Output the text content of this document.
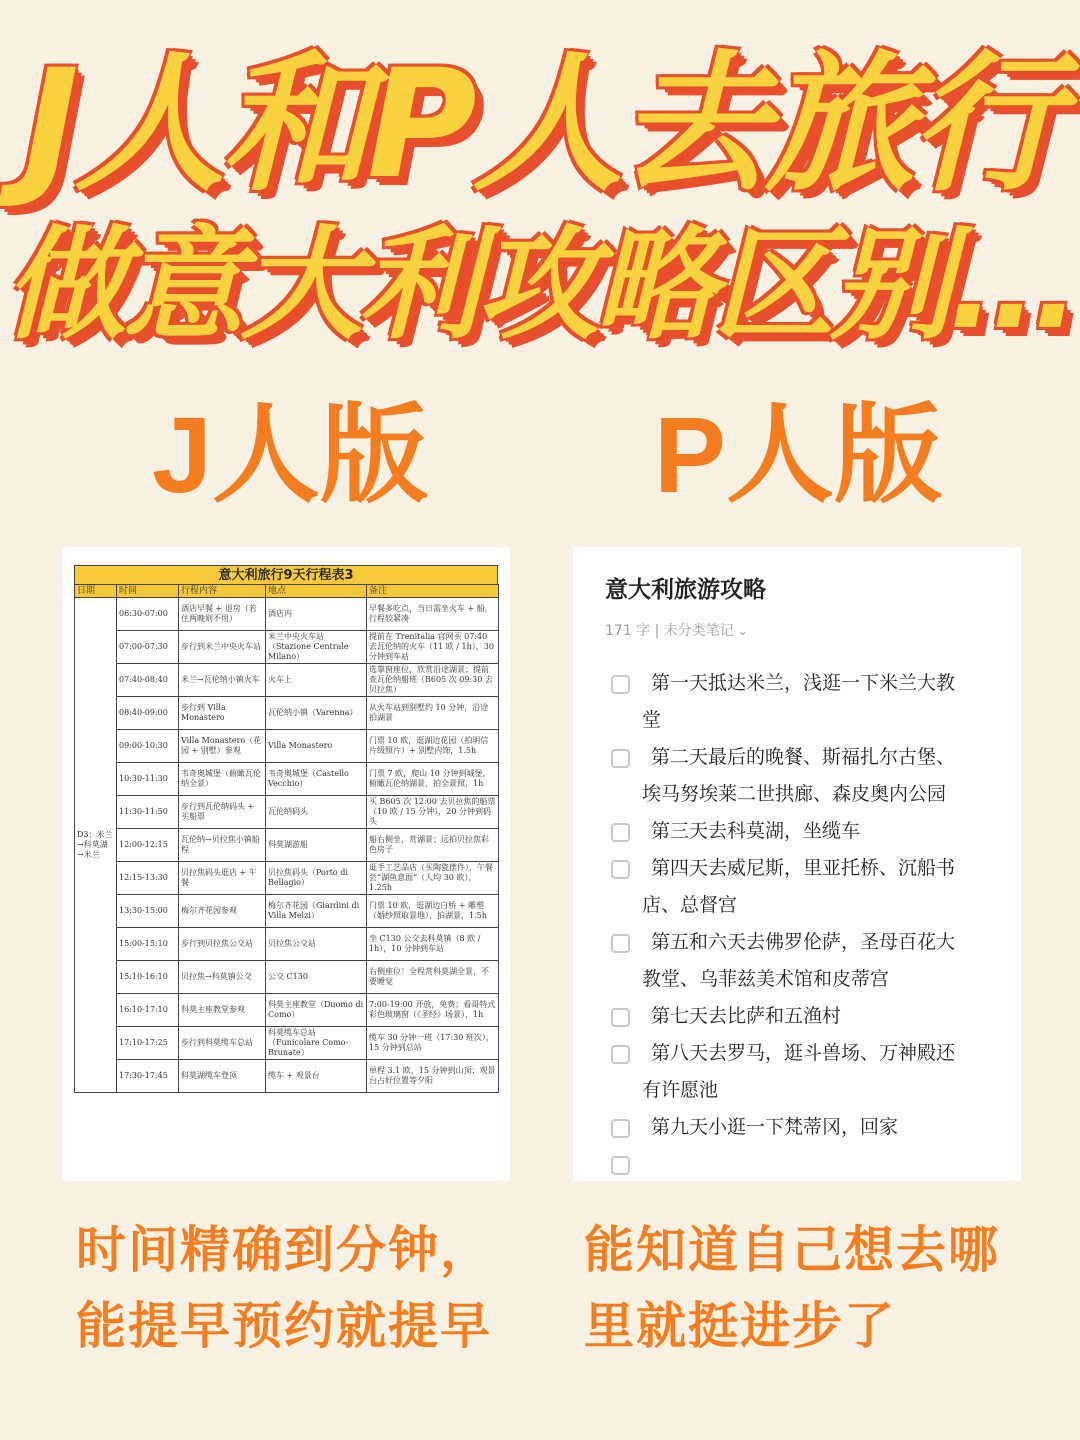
J人和P人去旅行
做意大利攻略区别...
J人版	P人版
意大利旅行9天行程表3
日期	时间	行程内容	地点	备注
D3：米兰→科莫湖→米兰	06:30-07:00	酒店早餐 + 退房（若住两晚则不用）	酒店内	早餐多吃点，当日需坐火车 + 船，行程较紧凑
	07:00-07:30	步行到米兰中央火车站	米兰中央火车站（Stazione Centrale Milano）	提前在 Trenitalia 官网买 07:40 去瓦伦纳的火车（11 欧 / 1h），30 分钟到车站
	07:40-08:40	米兰→瓦伦纳小镇火车	火车上	选靠窗座位，欣赏沿途湖景；提前查瓦伦纳船班（B605 次 09:30 去贝拉焦）
	08:40-09:00	步行到 Villa Monastero	瓦伦纳小镇（Varenna）	从火车站到别墅约 10 分钟，沿途拍湖景
	09:00-10:30	Villa Monastero（花园 + 别墅）参观	Villa Monastero	门票 10 欧，逛湖边花园（拍明信片级照片）+ 别墅内饰，1.5h
	10:30-11:30	韦奇奥城堡（俯瞰瓦伦纳全景）	韦奇奥城堡（Castello Vecchio）	门票 7 欧，爬山 10 分钟到城堡，俯瞰瓦伦纳湖景，拍全景照，1h
	11:30-11:50	步行到瓦伦纳码头 + 买船票	瓦伦纳码头	买 B605 次 12:00 去贝拉焦的船票（10 欧 / 15 分钟），20 分钟到码头
	12:00-12:15	瓦伦纳→贝拉焦小镇船程	科莫湖游船	船右侧坐，赏湖景；远拍贝拉焦彩色房子
	12:15-13:30	贝拉焦码头逛店 + 午餐	贝拉焦码头（Porto di Bellagio）	逛手工艺品店（买陶瓷摆件），午餐尝“湖鱼意面”（人均 30 欧），1.25h
	13:30-15:00	梅尔齐花园参观	梅尔齐花园（Giardini di Villa Melzi）	门票 10 欧，逛湖边白桥 + 雕塑（婚纱照取景地），拍湖景，1.5h
	15:00-15:10	步行到贝拉焦公交站	贝拉焦公交站	坐 C130 公交去科莫镇（8 欧 / 1h），10 分钟到车站
	15:10-16:10	贝拉焦→科莫镇公交	公交 C130	右侧座位！全程赏科莫湖全景，不要睡觉
	16:10-17:10	科莫主座教堂参观	科莫主座教堂（Duomo di Como）	7:00-19:00 开放，免费；看哥特式彩色玻璃窗（《圣经》场景），1h
	17:10-17:25	步行到科莫缆车总站	科莫缆车总站（Funicolare Como-Brunate）	缆车 30 分钟一班（17:30 班次），15 分钟到总站
	17:30-17:45	科莫湖缆车登顶	缆车 + 观景台	单程 3.1 欧，15 分钟到山顶；观景台占好位置等夕阳
意大利旅游攻略
171 字 | 未分类笔记 ⌄
第一天抵达米兰，浅逛一下米兰大教
堂
第二天最后的晚餐、斯福扎尔古堡、
埃马努埃莱二世拱廊、森皮奥内公园
第三天去科莫湖，坐缆车
第四天去威尼斯，里亚托桥、沉船书
店、总督宫
第五和六天去佛罗伦萨，圣母百花大
教堂、乌菲兹美术馆和皮蒂宫
第七天去比萨和五渔村
第八天去罗马，逛斗兽场、万神殿还
有许愿池
第九天小逛一下梵蒂冈，回家
时间精确到分钟，
能提早预约就提早
能知道自己想去哪
里就挺进步了
